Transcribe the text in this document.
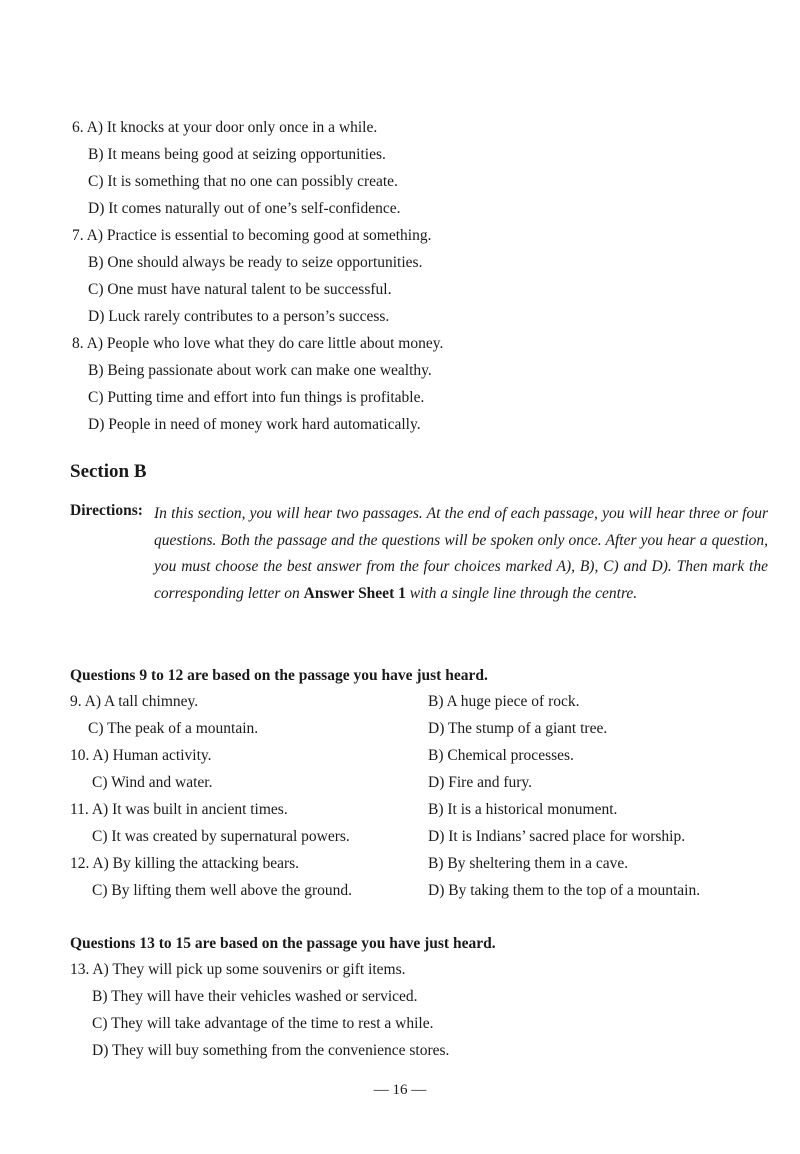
6. A) It knocks at your door only once in a while.
B) It means being good at seizing opportunities.
C) It is something that no one can possibly create.
D) It comes naturally out of one’s self-confidence.
7. A) Practice is essential to becoming good at something.
B) One should always be ready to seize opportunities.
C) One must have natural talent to be successful.
D) Luck rarely contributes to a person’s success.
8. A) People who love what they do care little about money.
B) Being passionate about work can make one wealthy.
C) Putting time and effort into fun things is profitable.
D) People in need of money work hard automatically.
Section B
Directions: In this section, you will hear two passages. At the end of each passage, you will hear three or four questions. Both the passage and the questions will be spoken only once. After you hear a question, you must choose the best answer from the four choices marked A), B), C) and D). Then mark the corresponding letter on Answer Sheet 1 with a single line through the centre.
Questions 9 to 12 are based on the passage you have just heard.
9. A) A tall chimney.	B) A huge piece of rock.
C) The peak of a mountain.	D) The stump of a giant tree.
10. A) Human activity.	B) Chemical processes.
C) Wind and water.	D) Fire and fury.
11. A) It was built in ancient times.	B) It is a historical monument.
C) It was created by supernatural powers.	D) It is Indians’ sacred place for worship.
12. A) By killing the attacking bears.	B) By sheltering them in a cave.
C) By lifting them well above the ground.	D) By taking them to the top of a mountain.
Questions 13 to 15 are based on the passage you have just heard.
13. A) They will pick up some souvenirs or gift items.
B) They will have their vehicles washed or serviced.
C) They will take advantage of the time to rest a while.
D) They will buy something from the convenience stores.
— 16 —
